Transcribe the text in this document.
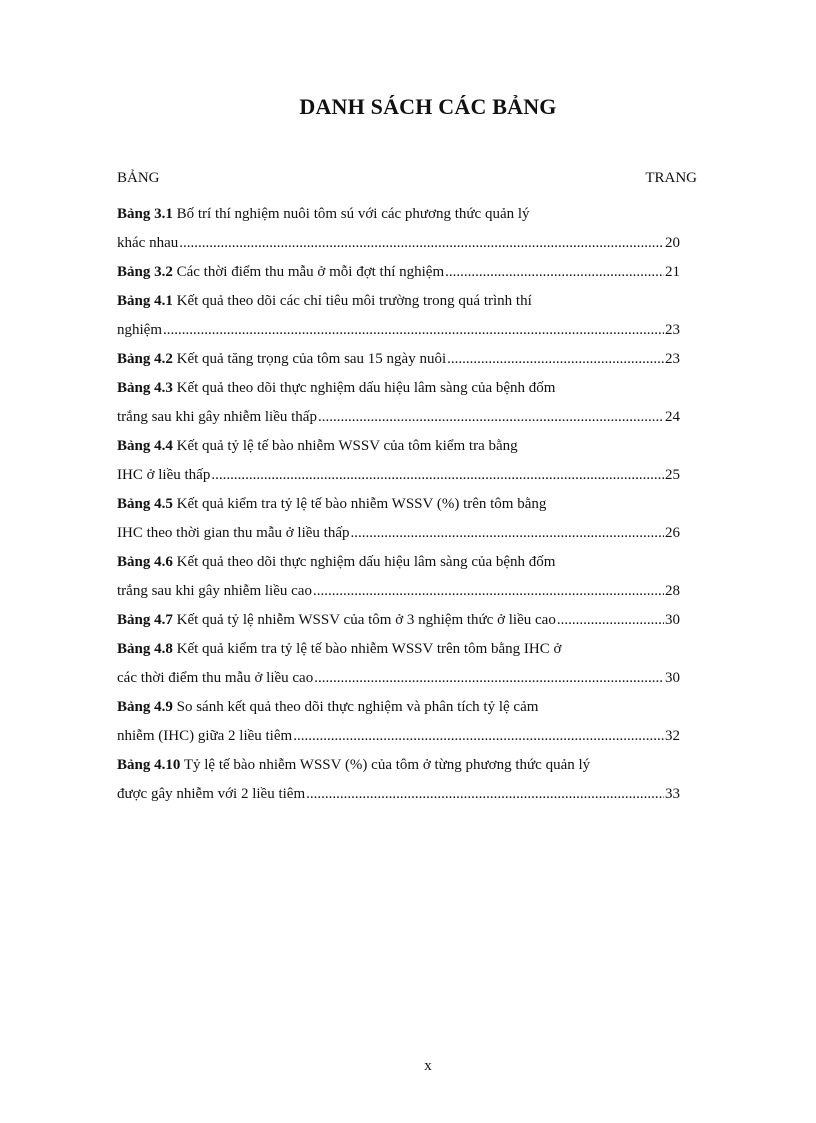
DANH SÁCH CÁC BẢNG
BẢNG	TRANG
Bảng 3.1 Bố trí thí nghiệm nuôi tôm sú với các phương thức quản lý
khác nhau .....	20
Bảng 3.2 Các thời điểm thu mẫu ở mỗi đợt thí nghiệm .....	21
Bảng 4.1 Kết quả theo dõi các chỉ tiêu môi trường trong quá trình thí
nghiệm .....	23
Bảng 4.2 Kết quả tăng trọng của tôm sau 15 ngày nuôi .....	23
Bảng 4.3 Kết quả theo dõi thực nghiệm dấu hiệu lâm sàng của bệnh đốm
trắng sau khi gây nhiễm liều thấp .....	24
Bảng 4.4 Kết quả tỷ lệ tế bào nhiễm WSSV của tôm kiểm tra bằng
IHC ở liều thấp .....	25
Bảng 4.5 Kết quả kiểm tra tỷ lệ tế bào nhiễm WSSV (%) trên tôm bằng
IHC theo thời gian thu mẫu ở liều thấp .....	26
Bảng 4.6 Kết quả theo dõi thực nghiệm dấu hiệu lâm sàng của bệnh đốm
trắng sau khi gây nhiễm liều cao .....	28
Bảng 4.7 Kết quả tỷ lệ nhiễm WSSV của tôm ở 3 nghiệm thức ở liều cao .....	30
Bảng 4.8 Kết quả kiểm tra tỷ lệ tế bào nhiễm WSSV trên tôm bằng IHC ở
các thời điểm thu mẫu ở liều cao .....	30
Bảng 4.9 So sánh kết quả theo dõi thực nghiệm và phân tích tỷ lệ cảm
nhiễm (IHC) giữa 2 liều tiêm .....	32
Bảng 4.10 Tỷ lệ tế bào nhiễm WSSV (%) của tôm ở từng phương thức quản lý
được gây nhiễm với 2 liều tiêm .....	33
x
